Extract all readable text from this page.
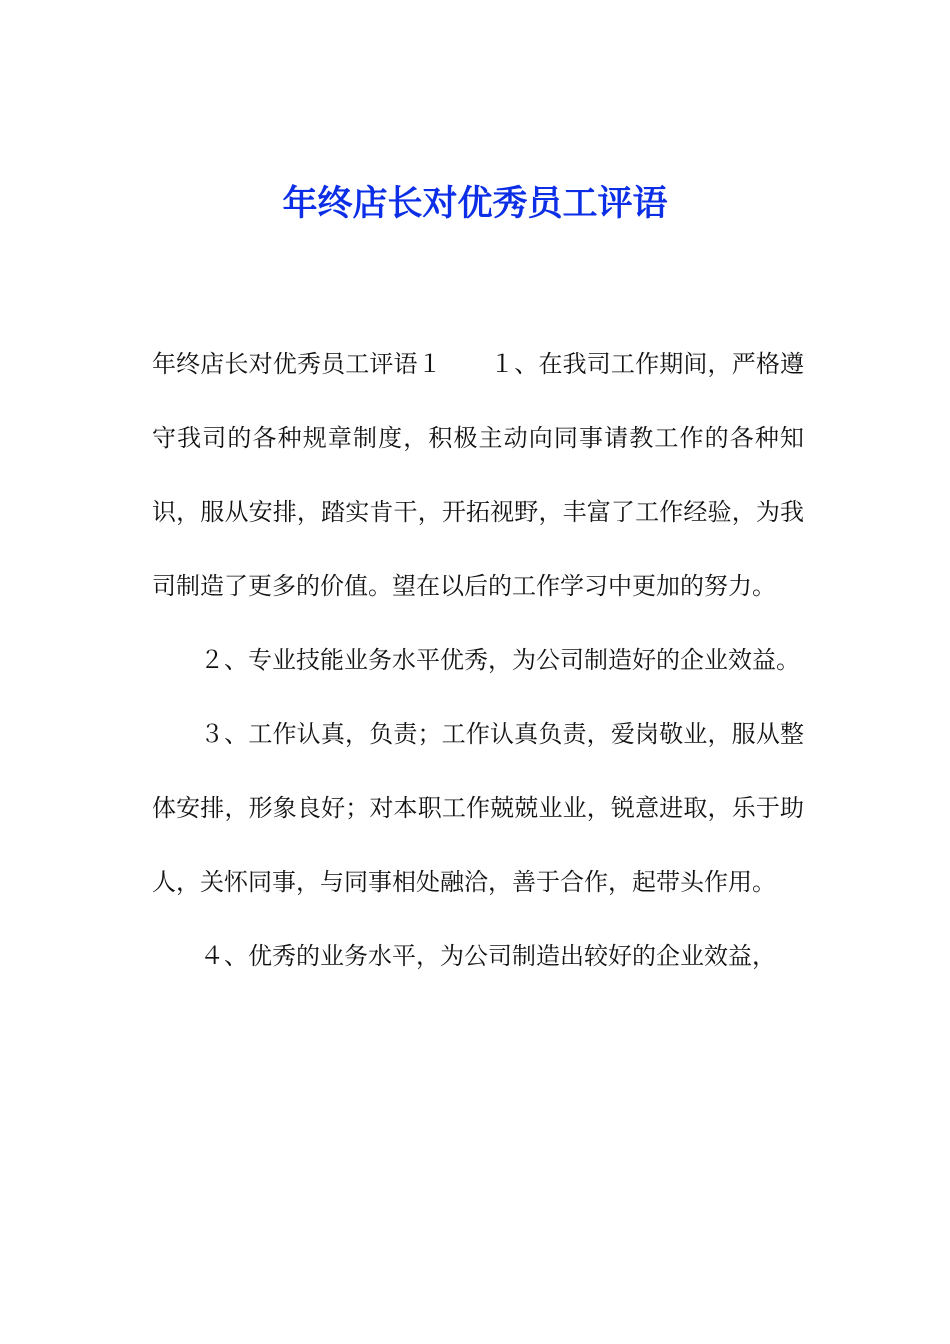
年终店长对优秀员工评语

年终店长对优秀员工评语１　　１、在我司工作期间，严格遵守我司的各种规章制度，积极主动向同事请教工作的各种知识，服从安排，踏实肯干，开拓视野，丰富了工作经验，为我司制造了更多的价值。望在以后的工作学习中更加的努力。

２、专业技能业务水平优秀，为公司制造好的企业效益。

３、工作认真，负责；工作认真负责，爱岗敬业，服从整体安排，形象良好；对本职工作兢兢业业，锐意进取，乐于助人，关怀同事，与同事相处融洽，善于合作，起带头作用。

４、优秀的业务水平，为公司制造出较好的企业效益，
